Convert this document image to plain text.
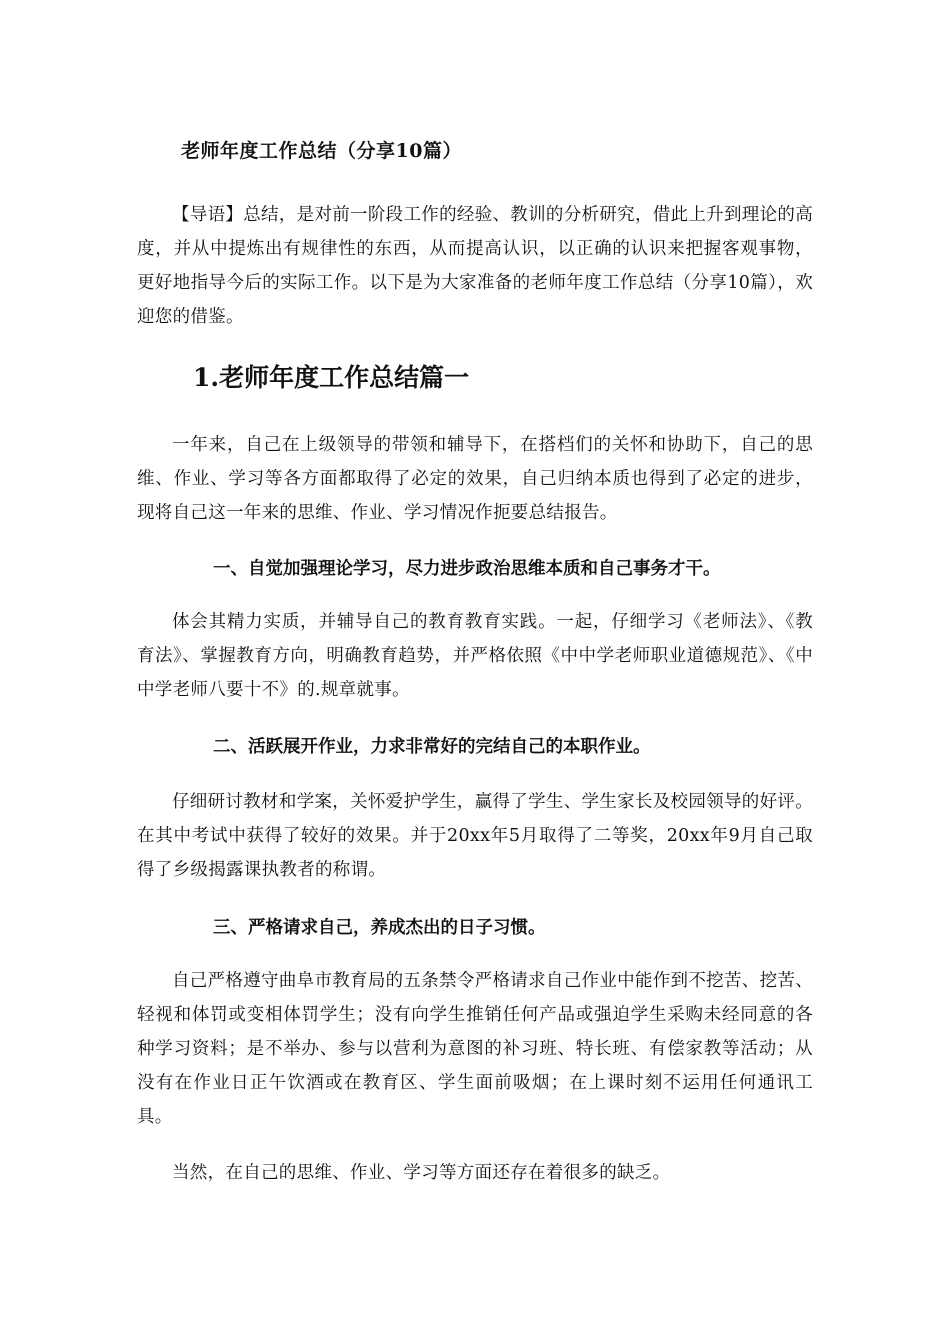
老师年度工作总结（分享10篇）
【导语】总结，是对前一阶段工作的经验、教训的分析研究，借此上升到理论的高度，并从中提炼出有规律性的东西，从而提高认识，以正确的认识来把握客观事物，更好地指导今后的实际工作。以下是为大家准备的老师年度工作总结（分享10篇），欢迎您的借鉴。
1.老师年度工作总结篇一
一年来，自己在上级领导的带领和辅导下，在搭档们的关怀和协助下，自己的思维、作业、学习等各方面都取得了必定的效果，自己归纳本质也得到了必定的进步，现将自己这一年来的思维、作业、学习情况作扼要总结报告。
一、自觉加强理论学习，尽力进步政治思维本质和自己事务才干。
体会其精力实质，并辅导自己的教育教育实践。一起，仔细学习《老师法》、《教育法》、掌握教育方向，明确教育趋势，并严格依照《中中学老师职业道德规范》、《中中学老师八要十不》的.规章就事。
二、活跃展开作业，力求非常好的完结自己的本职作业。
仔细研讨教材和学案，关怀爱护学生，赢得了学生、学生家长及校园领导的好评。在其中考试中获得了较好的效果。并于20xx年5月取得了二等奖，20xx年9月自己取得了乡级揭露课执教者的称谓。
三、严格请求自己，养成杰出的日子习惯。
自己严格遵守曲阜市教育局的五条禁令严格请求自己作业中能作到不挖苦、挖苦、轻视和体罚或变相体罚学生；没有向学生推销任何产品或强迫学生采购未经同意的各种学习资料；是不举办、参与以营利为意图的补习班、特长班、有偿家教等活动；从没有在作业日正午饮酒或在教育区、学生面前吸烟；在上课时刻不运用任何通讯工具。
当然，在自己的思维、作业、学习等方面还存在着很多的缺乏。
